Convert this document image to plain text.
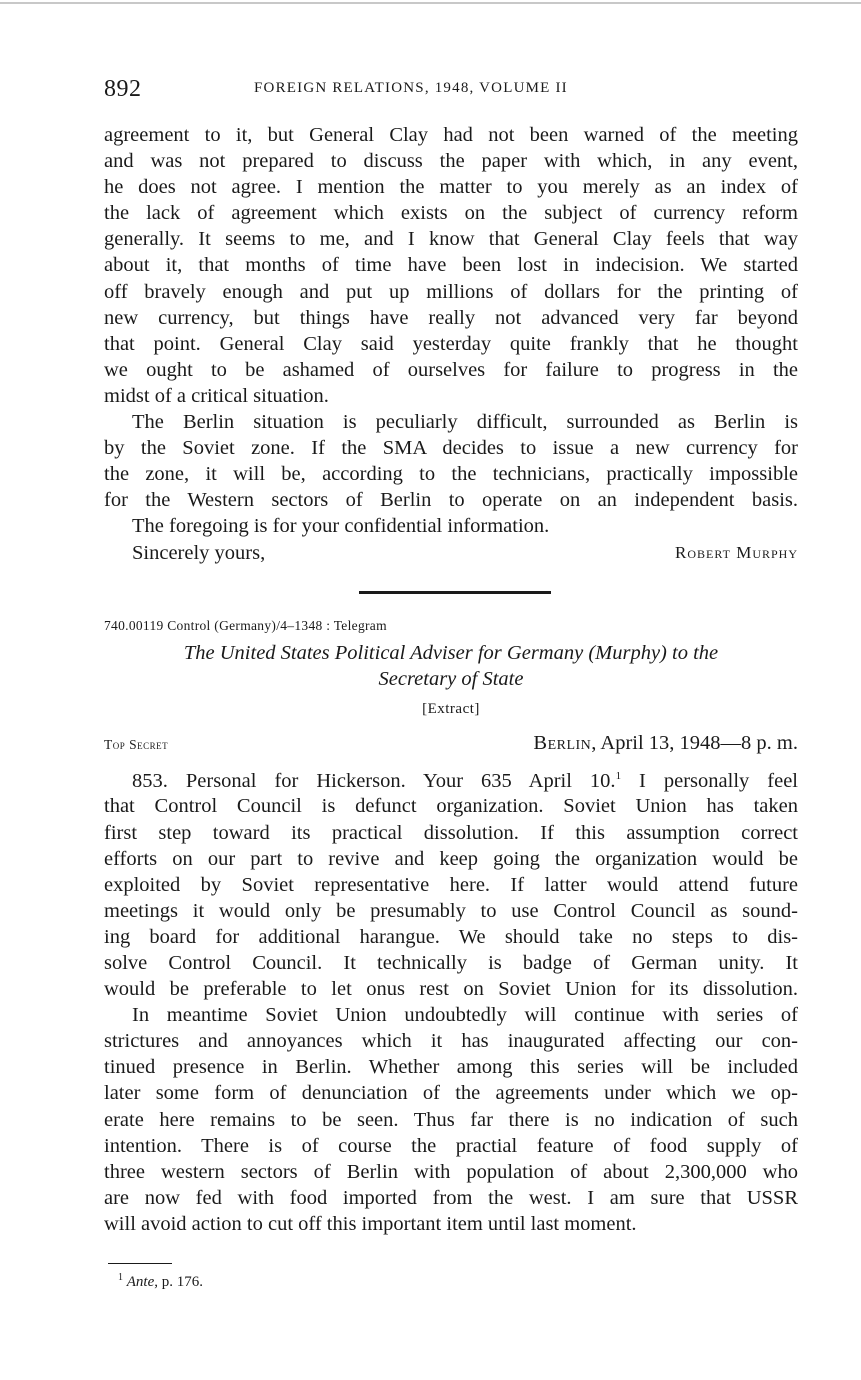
892	FOREIGN RELATIONS, 1948, VOLUME II
agreement to it, but General Clay had not been warned of the meeting
and was not prepared to discuss the paper with which, in any event,
he does not agree. I mention the matter to you merely as an index of
the lack of agreement which exists on the subject of currency reform
generally. It seems to me, and I know that General Clay feels that way
about it, that months of time have been lost in indecision. We started
off bravely enough and put up millions of dollars for the printing of
new currency, but things have really not advanced very far beyond
that point. General Clay said yesterday quite frankly that he thought
we ought to be ashamed of ourselves for failure to progress in the
midst of a critical situation.
The Berlin situation is peculiarly difficult, surrounded as Berlin is
by the Soviet zone. If the SMA decides to issue a new currency for
the zone, it will be, according to the technicians, practically impossible
for the Western sectors of Berlin to operate on an independent basis.
The foregoing is for your confidential information.
Sincerely yours,	Robert Murphy
740.00119 Control (Germany)/4–1348 : Telegram
The United States Political Adviser for Germany (Murphy) to the
Secretary of State
[Extract]
Top Secret	Berlin, April 13, 1948—8 p. m.
853. Personal for Hickerson. Your 635 April 10.$^1$ I personally feel
that Control Council is defunct organization. Soviet Union has taken
first step toward its practical dissolution. If this assumption correct
efforts on our part to revive and keep going the organization would be
exploited by Soviet representative here. If latter would attend future
meetings it would only be presumably to use Control Council as sound-
ing board for additional harangue. We should take no steps to dis-
solve Control Council. It technically is badge of German unity. It
would be preferable to let onus rest on Soviet Union for its dissolution.
In meantime Soviet Union undoubtedly will continue with series of
strictures and annoyances which it has inaugurated affecting our con-
tinued presence in Berlin. Whether among this series will be included
later some form of denunciation of the agreements under which we op-
erate here remains to be seen. Thus far there is no indication of such
intention. There is of course the practial feature of food supply of
three western sectors of Berlin with population of about 2,300,000 who
are now fed with food imported from the west. I am sure that USSR
will avoid action to cut off this important item until last moment.
$^1$ Ante, p. 176.
